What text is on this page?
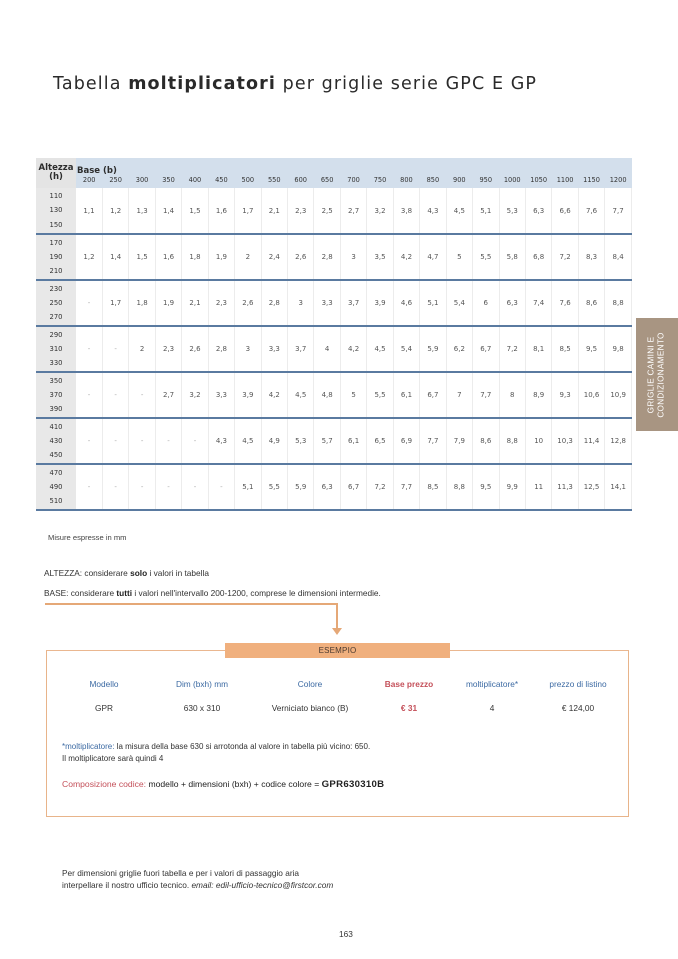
Tabella moltiplicatori per griglie serie GPC E GP
Altezza
(h)	Base (b)																				
	200	250	300	350	400	450	500	550	600	650	700	750	800	850	900	950	1000	1050	1100	1150	1200

110
130
150	1,1	1,2	1,3	1,4	1,5	1,6	1,7	2,1	2,3	2,5	2,7	3,2	3,8	4,3	4,5	5,1	5,3	6,3	6,6	7,6	7,7

170
190
210	1,2	1,4	1,5	1,6	1,8	1,9	2	2,4	2,6	2,8	3	3,5	4,2	4,7	5	5,5	5,8	6,8	7,2	8,3	8,4

230
250
270	-	1,7	1,8	1,9	2,1	2,3	2,6	2,8	3	3,3	3,7	3,9	4,6	5,1	5,4	6	6,3	7,4	7,6	8,6	8,8

290
310
330	-	-	2	2,3	2,6	2,8	3	3,3	3,7	4	4,2	4,5	5,4	5,9	6,2	6,7	7,2	8,1	8,5	9,5	9,8

350
370
390	-	-	-	2,7	3,2	3,3	3,9	4,2	4,5	4,8	5	5,5	6,1	6,7	7	7,7	8	8,9	9,3	10,6	10,9

410
430
450	-	-	-	-	-	4,3	4,5	4,9	5,3	5,7	6,1	6,5	6,9	7,7	7,9	8,6	8,8	10	10,3	11,4	12,8

470
490
510	-	-	-	-	-	-	5,1	5,5	5,9	6,3	6,7	7,2	7,7	8,5	8,8	9,5	9,9	11	11,3	12,5	14,1
Misure espresse in mm
ALTEZZA: considerare solo i valori in tabella
BASE: considerare tutti i valori nell'intervallo 200-1200, comprese le dimensioni intermedie.
ESEMPIO
Modello	Dim (bxh) mm	Colore	Base prezzo	moltiplicatore*	prezzo di listino
GPR	630 x 310	Verniciato bianco (B)	€ 31	4	€ 124,00
*moltiplicatore: la misura della base 630 si arrotonda al valore in tabella più vicino: 650.
Il moltiplicatore sarà quindi 4
Composizione codice: modello + dimensioni (bxh) + codice colore = GPR630310B
Per dimensioni griglie fuori tabella e per i valori di passaggio aria
interpellare il nostro ufficio tecnico. email: edil-ufficio-tecnico@firstcor.com
163
GRIGLIE CAMINI E
CONDIZIONAMENTO
